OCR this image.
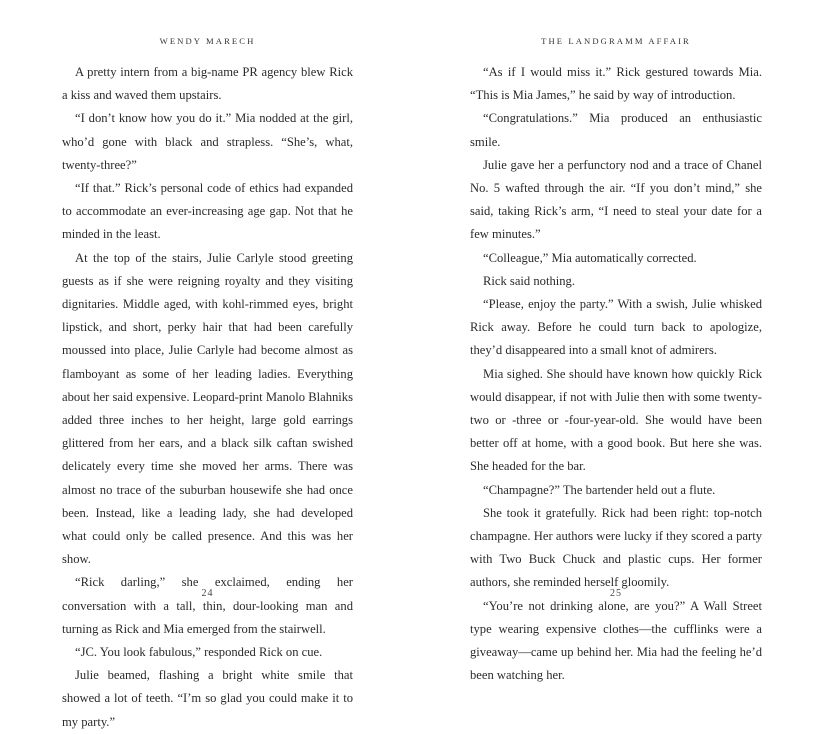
WENDY MARECH

A pretty intern from a big-name PR agency blew Rick a kiss and waved them upstairs.

“I don’t know how you do it.” Mia nodded at the girl, who’d gone with black and strapless. “She’s, what, twenty-three?”

“If that.” Rick’s personal code of ethics had expanded to accommodate an ever-increasing age gap. Not that he minded in the least.

At the top of the stairs, Julie Carlyle stood greeting guests as if she were reigning royalty and they visiting dignitaries. Middle aged, with kohl-rimmed eyes, bright lipstick, and short, perky hair that had been carefully moussed into place, Julie Carlyle had become almost as flamboyant as some of her leading ladies. Everything about her said expensive. Leopard-print Manolo Blahniks added three inches to her height, large gold earrings glittered from her ears, and a black silk caftan swished delicately every time she moved her arms. There was almost no trace of the suburban housewife she had once been. Instead, like a leading lady, she had developed what could only be called presence. And this was her show.

“Rick darling,” she exclaimed, ending her conversation with a tall, thin, dour-looking man and turning as Rick and Mia emerged from the stairwell.

“JC. You look fabulous,” responded Rick on cue.

Julie beamed, flashing a bright white smile that showed a lot of teeth. “I’m so glad you could make it to my party.”

24
THE LANDGRAMM AFFAIR

“As if I would miss it.” Rick gestured towards Mia. “This is Mia James,” he said by way of introduction.

“Congratulations.” Mia produced an enthusiastic smile.

Julie gave her a perfunctory nod and a trace of Chanel No. 5 wafted through the air. “If you don’t mind,” she said, taking Rick’s arm, “I need to steal your date for a few minutes.”

“Colleague,” Mia automatically corrected.

Rick said nothing.

“Please, enjoy the party.” With a swish, Julie whisked Rick away. Before he could turn back to apologize, they’d disappeared into a small knot of admirers.

Mia sighed. She should have known how quickly Rick would disappear, if not with Julie then with some twenty-two or -three or -four-year-old. She would have been better off at home, with a good book. But here she was. She headed for the bar.

“Champagne?” The bartender held out a flute.

She took it gratefully. Rick had been right: top-notch champagne. Her authors were lucky if they scored a party with Two Buck Chuck and plastic cups. Her former authors, she reminded herself gloomily.

“You’re not drinking alone, are you?” A Wall Street type wearing expensive clothes—the cufflinks were a giveaway—came up behind her. Mia had the feeling he’d been watching her.

25
